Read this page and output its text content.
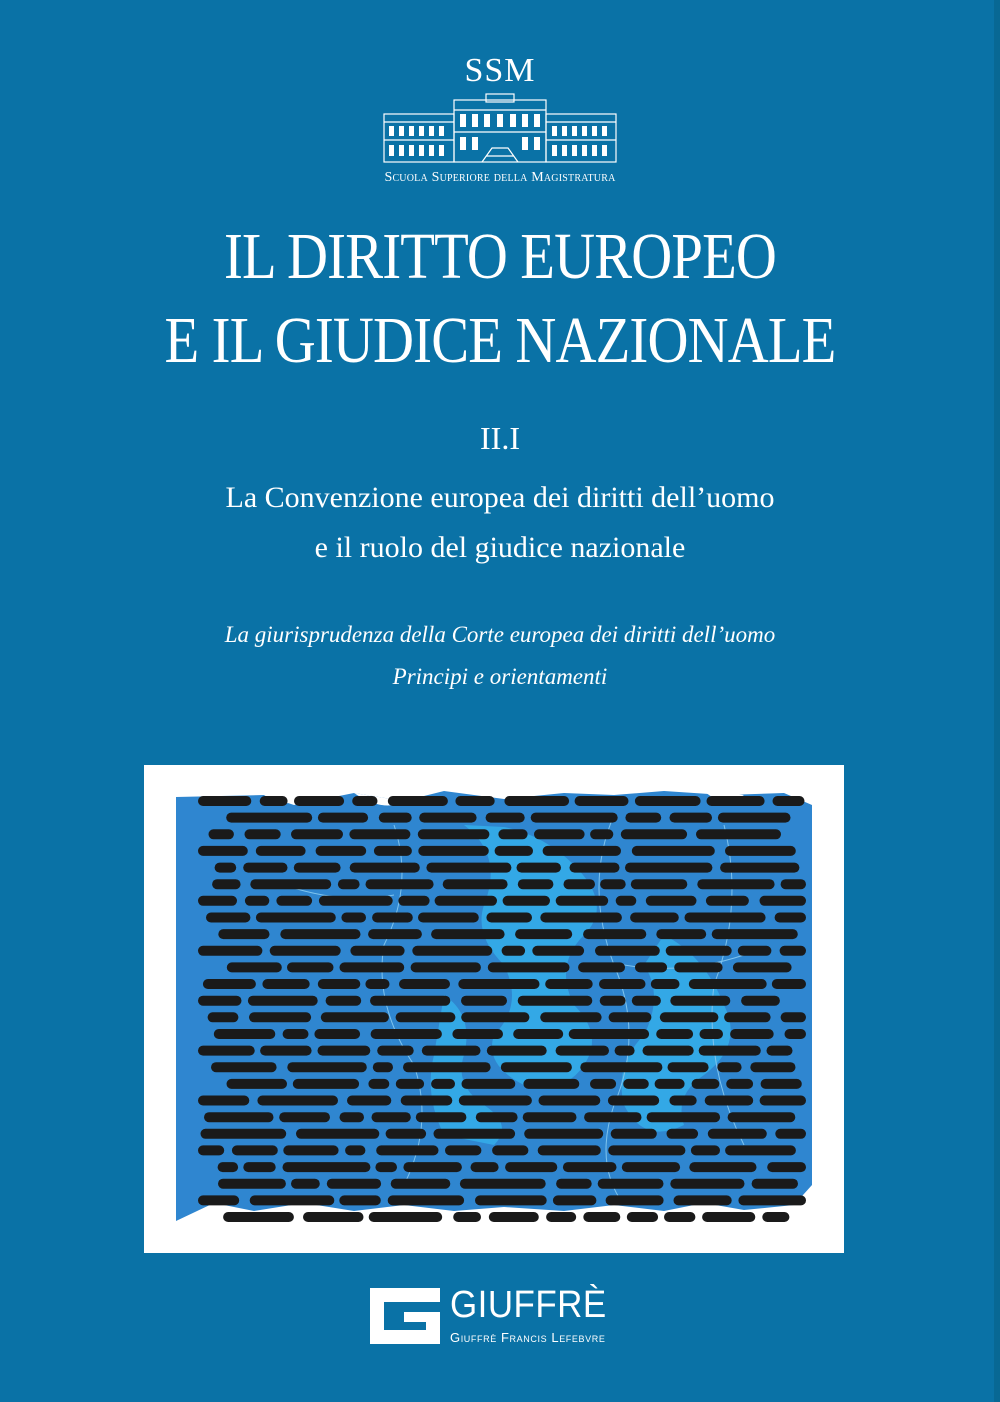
SSM
Scuola Superiore della Magistratura
IL DIRITTO EUROPEO
E IL GIUDICE NAZIONALE
II.I
La Convenzione europea dei diritti dell’uomo
e il ruolo del giudice nazionale
La giurisprudenza della Corte europea dei diritti dell’uomo
Principi e orientamenti
GIUFFRÈ
Giuffrè Francis Lefebvre
